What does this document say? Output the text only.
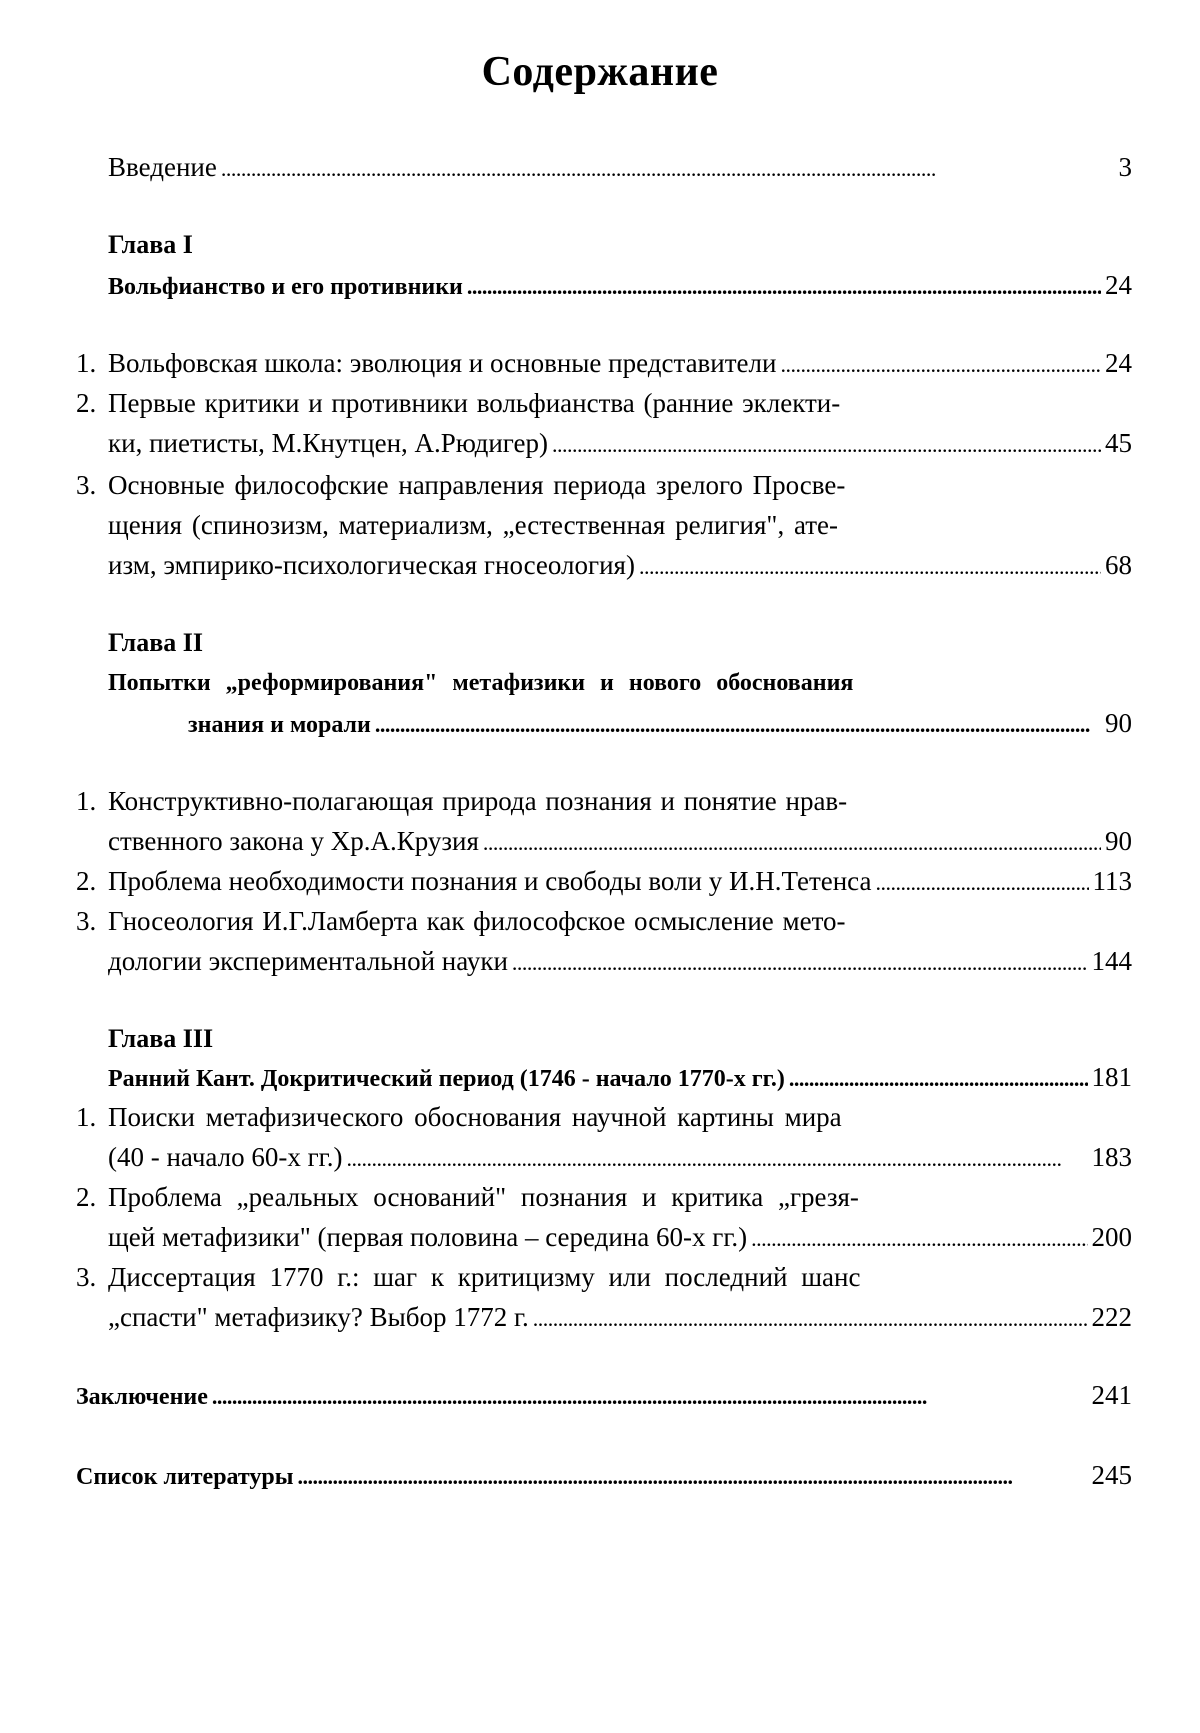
Содержание
Введение . . .	3
Глава I
Вольфианство и его противники . . .	24
1. Вольфовская школа: эволюция и основные представители . . .	24
2. Первые критики и противники вольфианства (ранние эклекти-
ки, пиетисты, М.Кнутцен, А.Рюдигер) . . .	45
3. Основные философские направления периода зрелого Просве-
щения (спинозизм, материализм, „естественная религия", ате-
изм, эмпирико-психологическая гносеология) . . .	68
Глава II
Попытки „реформирования" метафизики и нового обоснования
знания и морали . . .	90
1. Конструктивно-полагающая природа познания и понятие нрав-
ственного закона у Хр.А.Крузия . . .	90
2. Проблема необходимости познания и свободы воли у И.Н.Тетенса . . .	113
3. Гносеология И.Г.Ламберта как философское осмысление мето-
дологии экспериментальной науки . . .	144
Глава III
Ранний Кант. Докритический период (1746 - начало 1770-х гг.) . . .	181
1. Поиски метафизического обоснования научной картины мира
(40 - начало 60-х гг.) . . .	183
2. Проблема „реальных оснований" познания и критика „грезя-
щей метафизики" (первая половина – середина 60-х гг.) . . .	200
3. Диссертация 1770 г.: шаг к критицизму или последний шанс
„спасти" метафизику? Выбор 1772 г. . . .	222
Заключение . . .	241
Список литературы . . .	245
